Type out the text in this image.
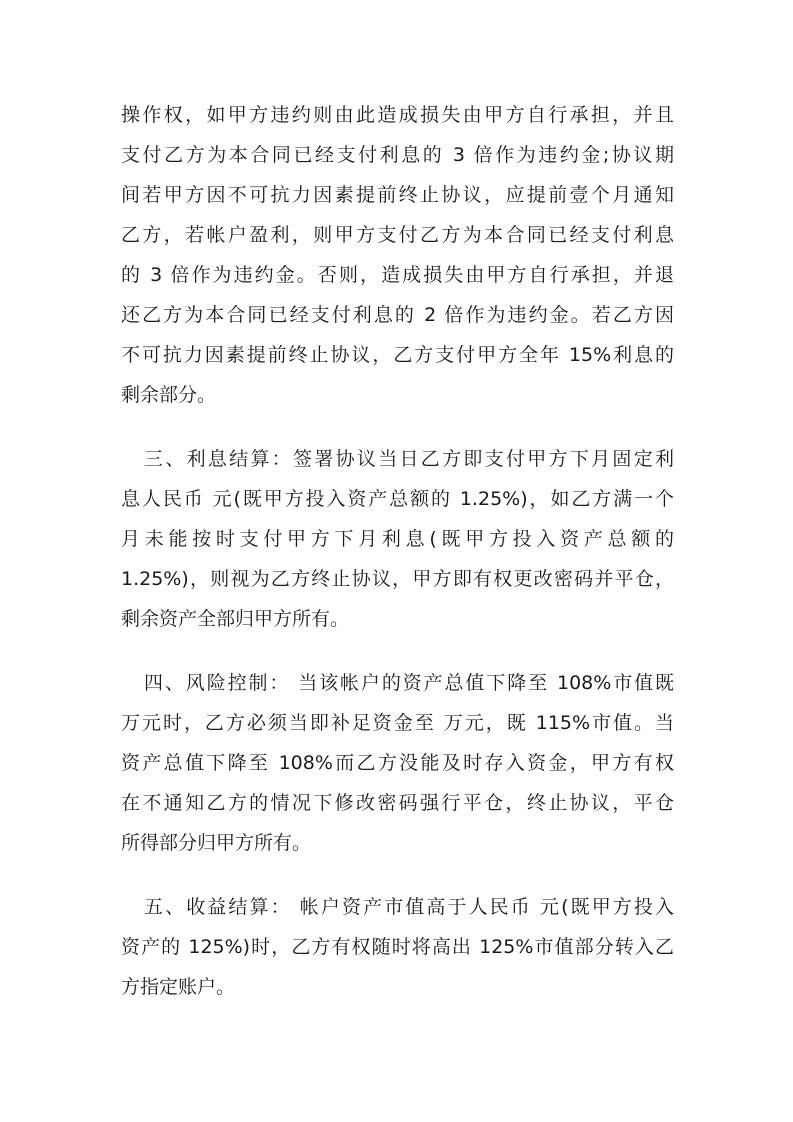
操作权，如甲方违约则由此造成损失由甲方自行承担，并且
支付乙方为本合同已经支付利息的 3 倍作为违约金;协议期
间若甲方因不可抗力因素提前终止协议，应提前壹个月通知
乙方，若帐户盈利，则甲方支付乙方为本合同已经支付利息
的 3 倍作为违约金。否则，造成损失由甲方自行承担，并退
还乙方为本合同已经支付利息的 2 倍作为违约金。若乙方因
不可抗力因素提前终止协议，乙方支付甲方全年 15%利息的
剩余部分。
三、利息结算：签署协议当日乙方即支付甲方下月固定利
息人民币 元(既甲方投入资产总额的 1.25%)，如乙方满一个
月未能按时支付甲方下月利息(既甲方投入资产总额的
1.25%)，则视为乙方终止协议，甲方即有权更改密码并平仓，
剩余资产全部归甲方所有。
四、风险控制： 当该帐户的资产总值下降至 108%市值既
万元时，乙方必须当即补足资金至 万元，既 115%市值。当
资产总值下降至 108%而乙方没能及时存入资金，甲方有权
在不通知乙方的情况下修改密码强行平仓，终止协议，平仓
所得部分归甲方所有。
五、收益结算： 帐户资产市值高于人民币 元(既甲方投入
资产的 125%)时，乙方有权随时将高出 125%市值部分转入乙
方指定账户。
